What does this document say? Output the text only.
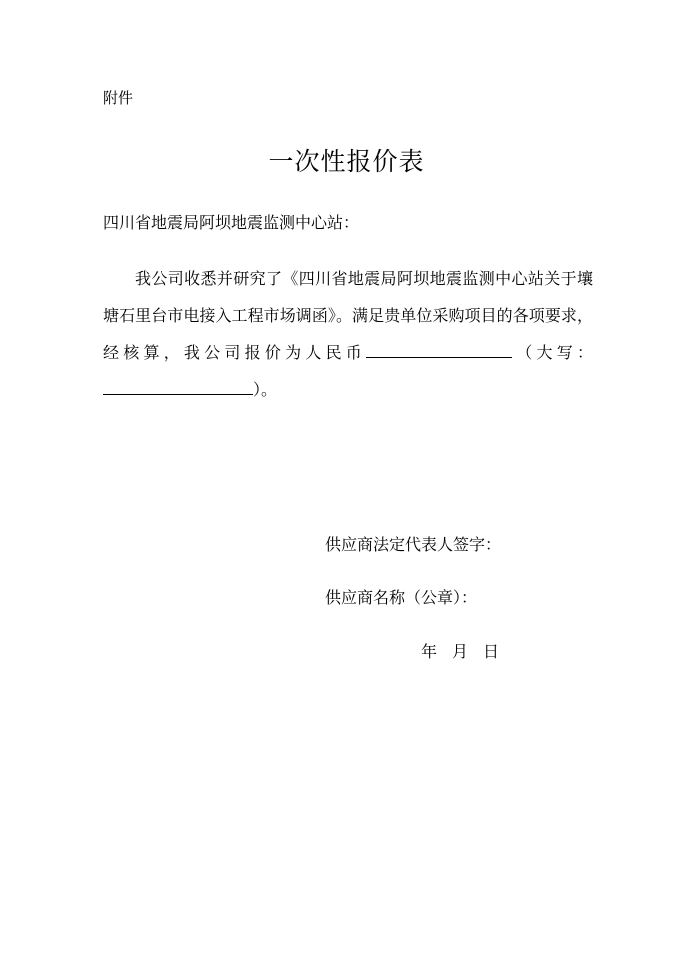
附件
一次性报价表
四川省地震局阿坝地震监测中心站：

我公司收悉并研究了《四川省地震局阿坝地震监测中心站关于壤塘石里台市电接入工程市场调函》。满足贵单位采购项目的各项要求，经核算，我公司报价为人民币	（大写：）。

供应商法定代表人签字：
供应商名称（公章）：
年 月 日
